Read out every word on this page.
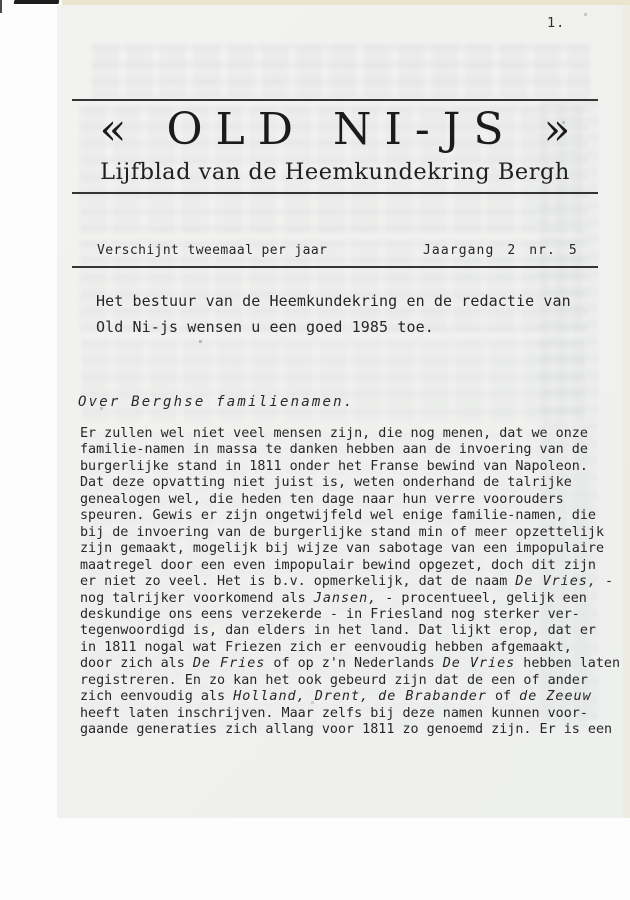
1.
« OLD NI-JS »
Lijfblad van de Heemkundekring Bergh
Verschijnt tweemaal per jaar	Jaargang 2 nr. 5
Het bestuur van de Heemkundekring en de redactie van
Old Ni-js wensen u een goed 1985 toe.
Over Berghse familienamen.
Er zullen wel niet veel mensen zijn, die nog menen, dat we onze
familie-namen in massa te danken hebben aan de invoering van de
burgerlijke stand in 1811 onder het Franse bewind van Napoleon.
Dat deze opvatting niet juist is, weten onderhand de talrijke
genealogen wel, die heden ten dage naar hun verre voorouders
speuren. Gewis er zijn ongetwijfeld wel enige familie-namen, die
bij de invoering van de burgerlijke stand min of meer opzettelijk
zijn gemaakt, mogelijk bij wijze van sabotage van een impopulaire
maatregel door een even impopulair bewind opgezet, doch dit zijn
er niet zo veel. Het is b.v. opmerkelijk, dat de naam De Vries, -
nog talrijker voorkomend als Jansen, - procentueel, gelijk een
deskundige ons eens verzekerde - in Friesland nog sterker ver-
tegenwoordigd is, dan elders in het land. Dat lijkt erop, dat er
in 1811 nogal wat Friezen zich er eenvoudig hebben afgemaakt,
door zich als De Fries of op z'n Nederlands De Vries hebben laten
registreren. En zo kan het ook gebeurd zijn dat de een of ander
zich eenvoudig als Holland, Drent, de Brabander of de Zeeuw
heeft laten inschrijven. Maar zelfs bij deze namen kunnen voor-
gaande generaties zich allang voor 1811 zo genoemd zijn. Er is een
